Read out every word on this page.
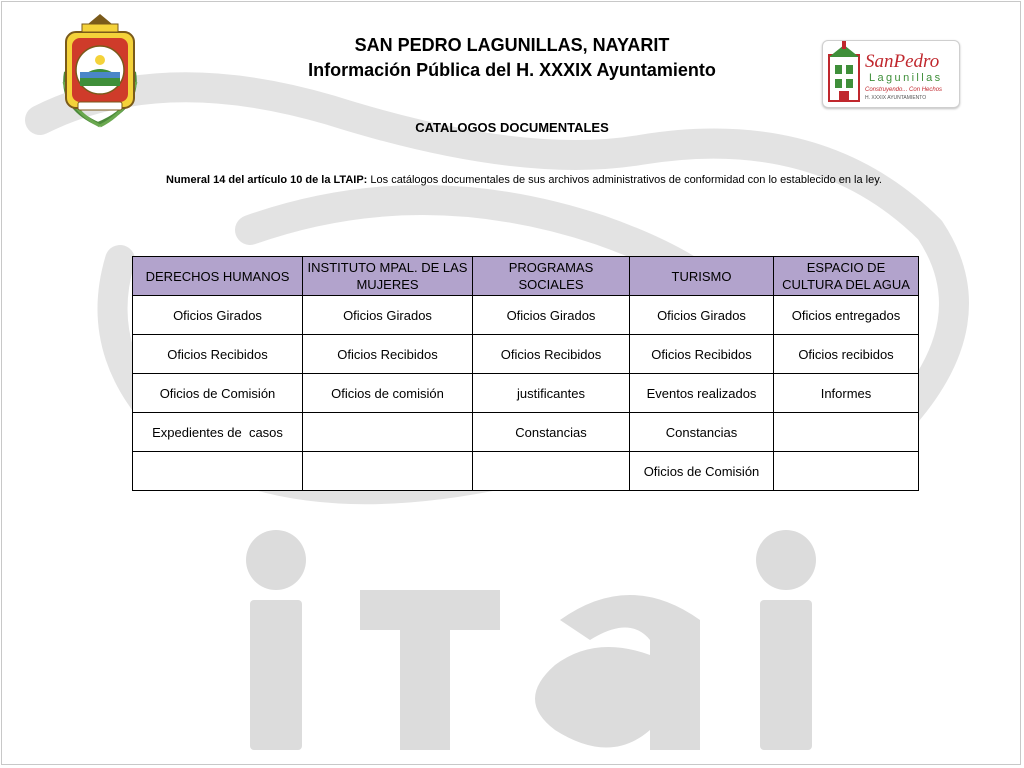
SanPedro
Lagunillas
Construyendo... Con Hechos
H. XXXIX AYUNTAMIENTO
SAN PEDRO LAGUNILLAS, NAYARIT
Información Pública del H. XXXIX Ayuntamiento
CATALOGOS DOCUMENTALES
Numeral 14 del artículo 10 de la LTAIP: Los catálogos documentales de sus archivos administrativos de conformidad con lo establecido en la ley.
DERECHOS HUMANOS	INSTITUTO MPAL. DE LAS MUJERES	PROGRAMAS SOCIALES	TURISMO	ESPACIO DE CULTURA DEL AGUA
Oficios Girados	Oficios Girados	Oficios Girados	Oficios Girados	Oficios entregados
Oficios Recibidos	Oficios Recibidos	Oficios Recibidos	Oficios Recibidos	Oficios recibidos
Oficios de Comisión	Oficios de comisión	justificantes	Eventos realizados	Informes
Expedientes de  casos		Constancias	Constancias	
			Oficios de Comisión	
